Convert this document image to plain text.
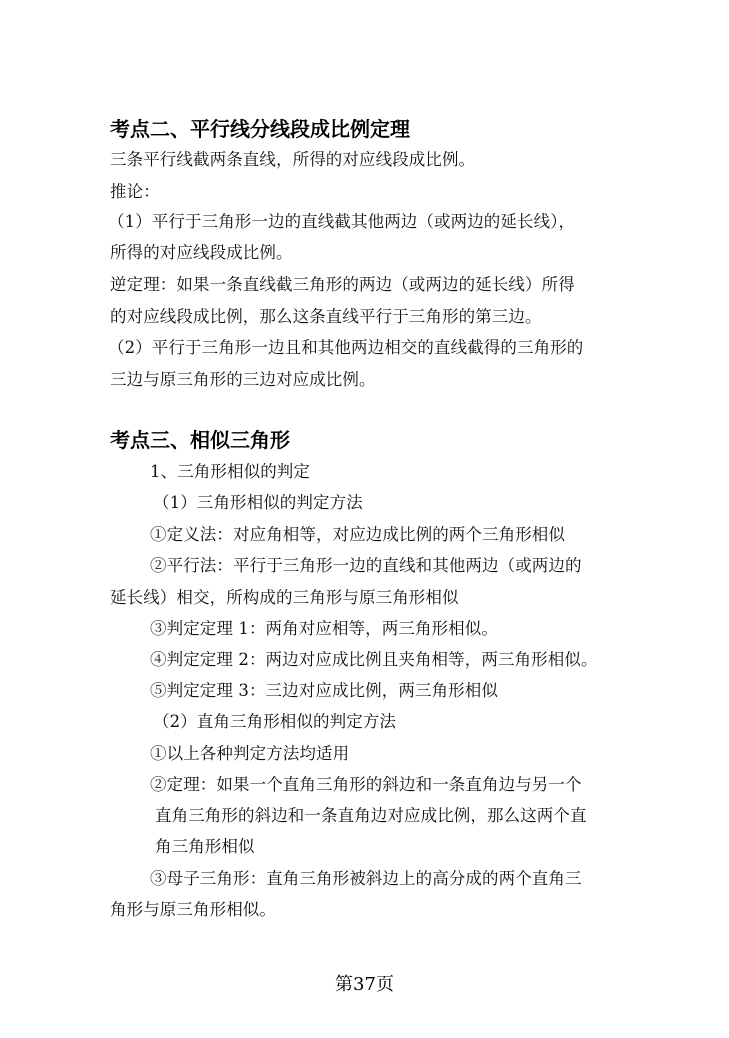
考点二、平行线分线段成比例定理
三条平行线截两条直线，所得的对应线段成比例。
推论：
（1）平行于三角形一边的直线截其他两边（或两边的延长线），
所得的对应线段成比例。
逆定理：如果一条直线截三角形的两边（或两边的延长线）所得
的对应线段成比例，那么这条直线平行于三角形的第三边。
（2）平行于三角形一边且和其他两边相交的直线截得的三角形的
三边与原三角形的三边对应成比例。
考点三、相似三角形
1、三角形相似的判定
（1）三角形相似的判定方法
①定义法：对应角相等，对应边成比例的两个三角形相似
②平行法：平行于三角形一边的直线和其他两边（或两边的
延长线）相交，所构成的三角形与原三角形相似
③判定定理 1：两角对应相等，两三角形相似。
④判定定理 2：两边对应成比例且夹角相等，两三角形相似。
⑤判定定理 3：三边对应成比例，两三角形相似
（2）直角三角形相似的判定方法
①以上各种判定方法均适用
②定理：如果一个直角三角形的斜边和一条直角边与另一个
直角三角形的斜边和一条直角边对应成比例，那么这两个直
角三角形相似
③母子三角形：直角三角形被斜边上的高分成的两个直角三
角形与原三角形相似。
第37页
